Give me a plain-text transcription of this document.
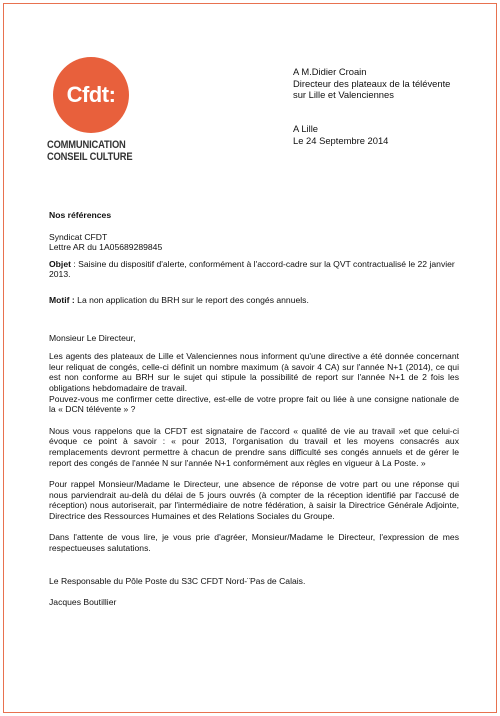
Cfdt:
COMMUNICATION
CONSEIL CULTURE
A M.Didier Croain
Directeur des plateaux de la télévente
sur Lille et Valenciennes
A Lille
Le 24 Septembre 2014

Nos références

Syndicat CFDT

Lettre AR du 1A05689289845

Objet : Saisine du dispositif d'alerte, conformément à l'accord-cadre sur la QVT contractualisé le 22 janvier 2013.

Motif : La non application du BRH sur le report des congés annuels.

Monsieur Le Directeur,

Les agents des plateaux de Lille et Valenciennes nous informent qu'une directive a été donnée concernant leur reliquat de congés, celle-ci définit un nombre maximum (à savoir 4 CA) sur l'année N+1 (2014), ce qui est non conforme au BRH sur le sujet qui stipule la possibilité de report sur l'année N+1 de 2 fois les obligations hebdomadaire de travail.

Pouvez-vous me confirmer cette directive, est-elle de votre propre fait ou liée à une consigne nationale de la « DCN télévente » ?

Nous vous rappelons que la CFDT est signataire de l'accord « qualité de vie au travail »et que celui-ci évoque ce point à savoir : « pour 2013, l'organisation du travail et les moyens consacrés aux remplacements devront permettre à chacun de prendre sans difficulté ses congés annuels et de gérer le report des congés de l'année N sur l'année N+1 conformément aux règles en vigueur à La Poste. »

Pour rappel Monsieur/Madame le Directeur, une absence de réponse de votre part ou une réponse qui nous parviendrait au-delà du délai de 5 jours ouvrés (à compter de la réception identifié par l'accusé de réception) nous autoriserait, par l'intermédiaire de notre fédération, à saisir la Directrice Générale Adjointe, Directrice des Ressources Humaines et des Relations Sociales du Groupe.

Dans l'attente de vous lire, je vous prie d'agréer, Monsieur/Madame le Directeur, l'expression de mes respectueuses salutations.

Le Responsable du Pôle Poste du S3C CFDT Nord-¨Pas de Calais.

Jacques Boutillier
